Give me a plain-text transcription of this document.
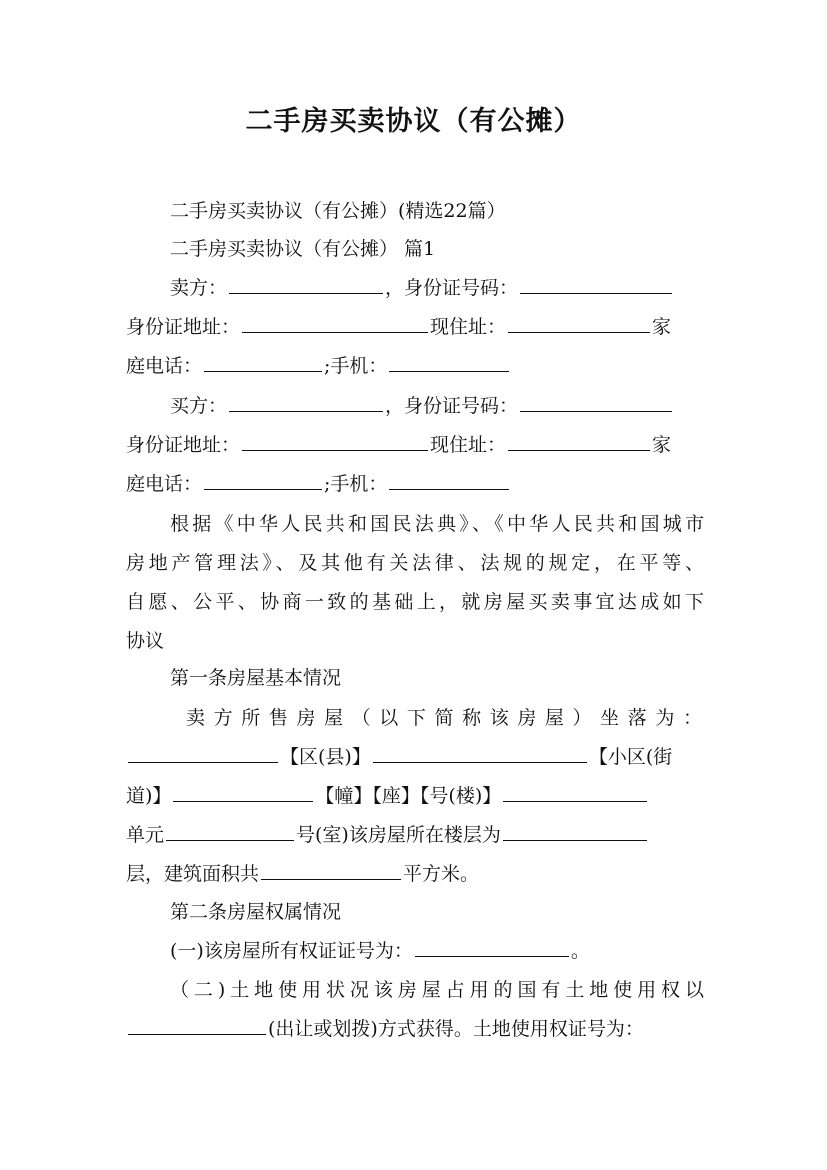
二手房买卖协议（有公摊）
二手房买卖协议（有公摊）(精选22篇）
二手房买卖协议（有公摊） 篇1
卖方：	，身份证号码：
身份证地址：	现住址：	家
庭电话：	;手机：
买方：	，身份证号码：
身份证地址：	现住址：	家
庭电话：	;手机：
根据《中华人民共和国民法典》、《中华人民共和国城市
房地产管理法》、及其他有关法律、法规的规定，在平等、
自愿、公平、协商一致的基础上，就房屋买卖事宜达成如下
协议
第一条房屋基本情况
卖方所售房屋（以下简称该房屋）坐落为：
【区(县)】	【小区(街
道)】	【幢】【座】【号(楼)】
单元	号(室)该房屋所在楼层为
层，建筑面积共	平方米。
第二条房屋权属情况
(一)该房屋所有权证证号为：	。
（二)土地使用状况该房屋占用的国有土地使用权以
(出让或划拨)方式获得。土地使用权证号为：
